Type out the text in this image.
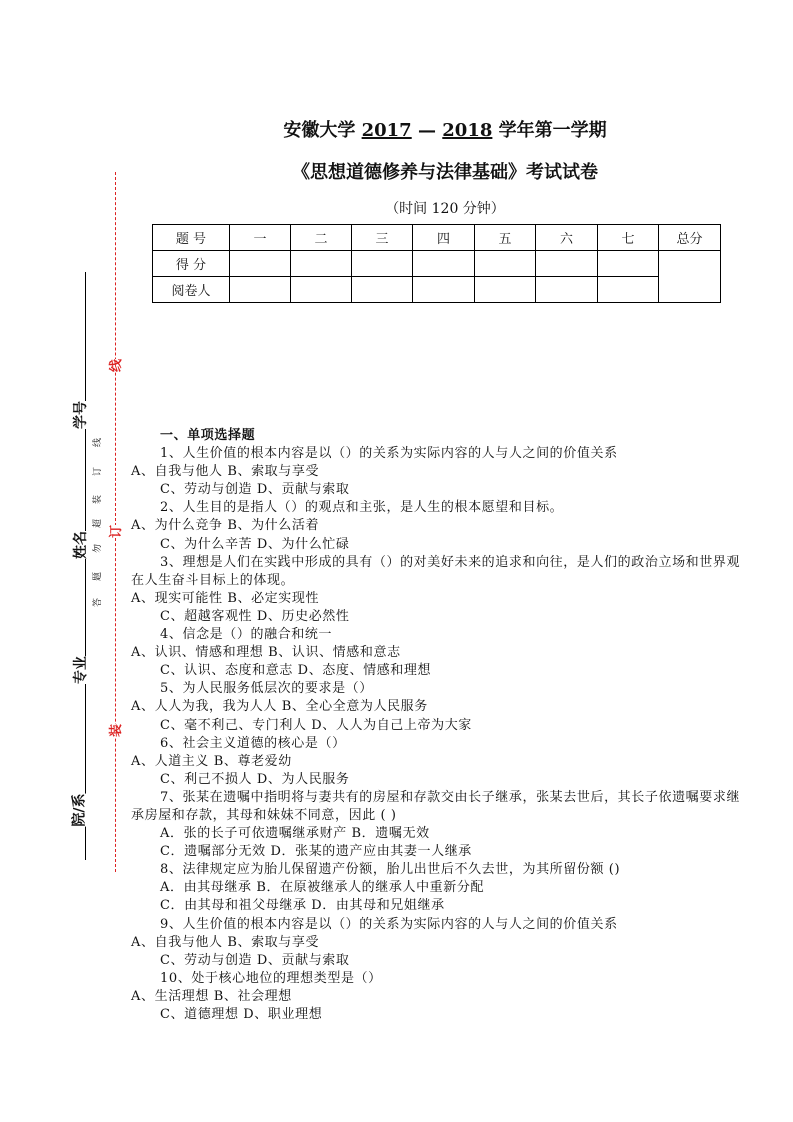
安徽大学 2017 — 2018 学年第一学期
《思想道德修养与法律基础》考试试卷
（时间 120 分钟）
题 号	一	二	三	四	五	六	七	总分
得 分								
阅卷人								
学号
姓名
专业
院/系
答
题
勿
超
装
订
线
线
订
装
一、单项选择题
1、人生价值的根本内容是以（）的关系为实际内容的人与人之间的价值关系
A、自我与他人 B、索取与享受
C、劳动与创造 D、贡献与索取
2、人生目的是指人（）的观点和主张，是人生的根本愿望和目标。
A、为什么竞争 B、为什么活着
C、为什么辛苦 D、为什么忙碌
3、理想是人们在实践中形成的具有（）的对美好未来的追求和向往，是人们的政治立场和世界观
在人生奋斗目标上的体现。
A、现实可能性 B、必定实现性
C、超越客观性 D、历史必然性
4、信念是（）的融合和统一
A、认识、情感和理想 B、认识、情感和意志
C、认识、态度和意志 D、态度、情感和理想
5、为人民服务低层次的要求是（）
A、人人为我，我为人人 B、全心全意为人民服务
C、毫不利己、专门利人 D、人人为自己上帝为大家
6、社会主义道德的核心是（）
A、人道主义 B、尊老爱幼
C、利己不损人 D、为人民服务
7、张某在遗嘱中指明将与妻共有的房屋和存款交由长子继承，张某去世后，其长子依遗嘱要求继
承房屋和存款，其母和妹妹不同意，因此 ( )
A．张的长子可依遗嘱继承财产 B．遗嘱无效
C．遗嘱部分无效 D．张某的遗产应由其妻一人继承
8、法律规定应为胎儿保留遗产份额，胎儿出世后不久去世，为其所留份额 ()
A．由其母继承 B．在原被继承人的继承人中重新分配
C．由其母和祖父母继承 D．由其母和兄姐继承
9、人生价值的根本内容是以（）的关系为实际内容的人与人之间的价值关系
A、自我与他人 B、索取与享受
C、劳动与创造 D、贡献与索取
10、处于核心地位的理想类型是（）
A、生活理想 B、社会理想
C、道德理想 D、职业理想
